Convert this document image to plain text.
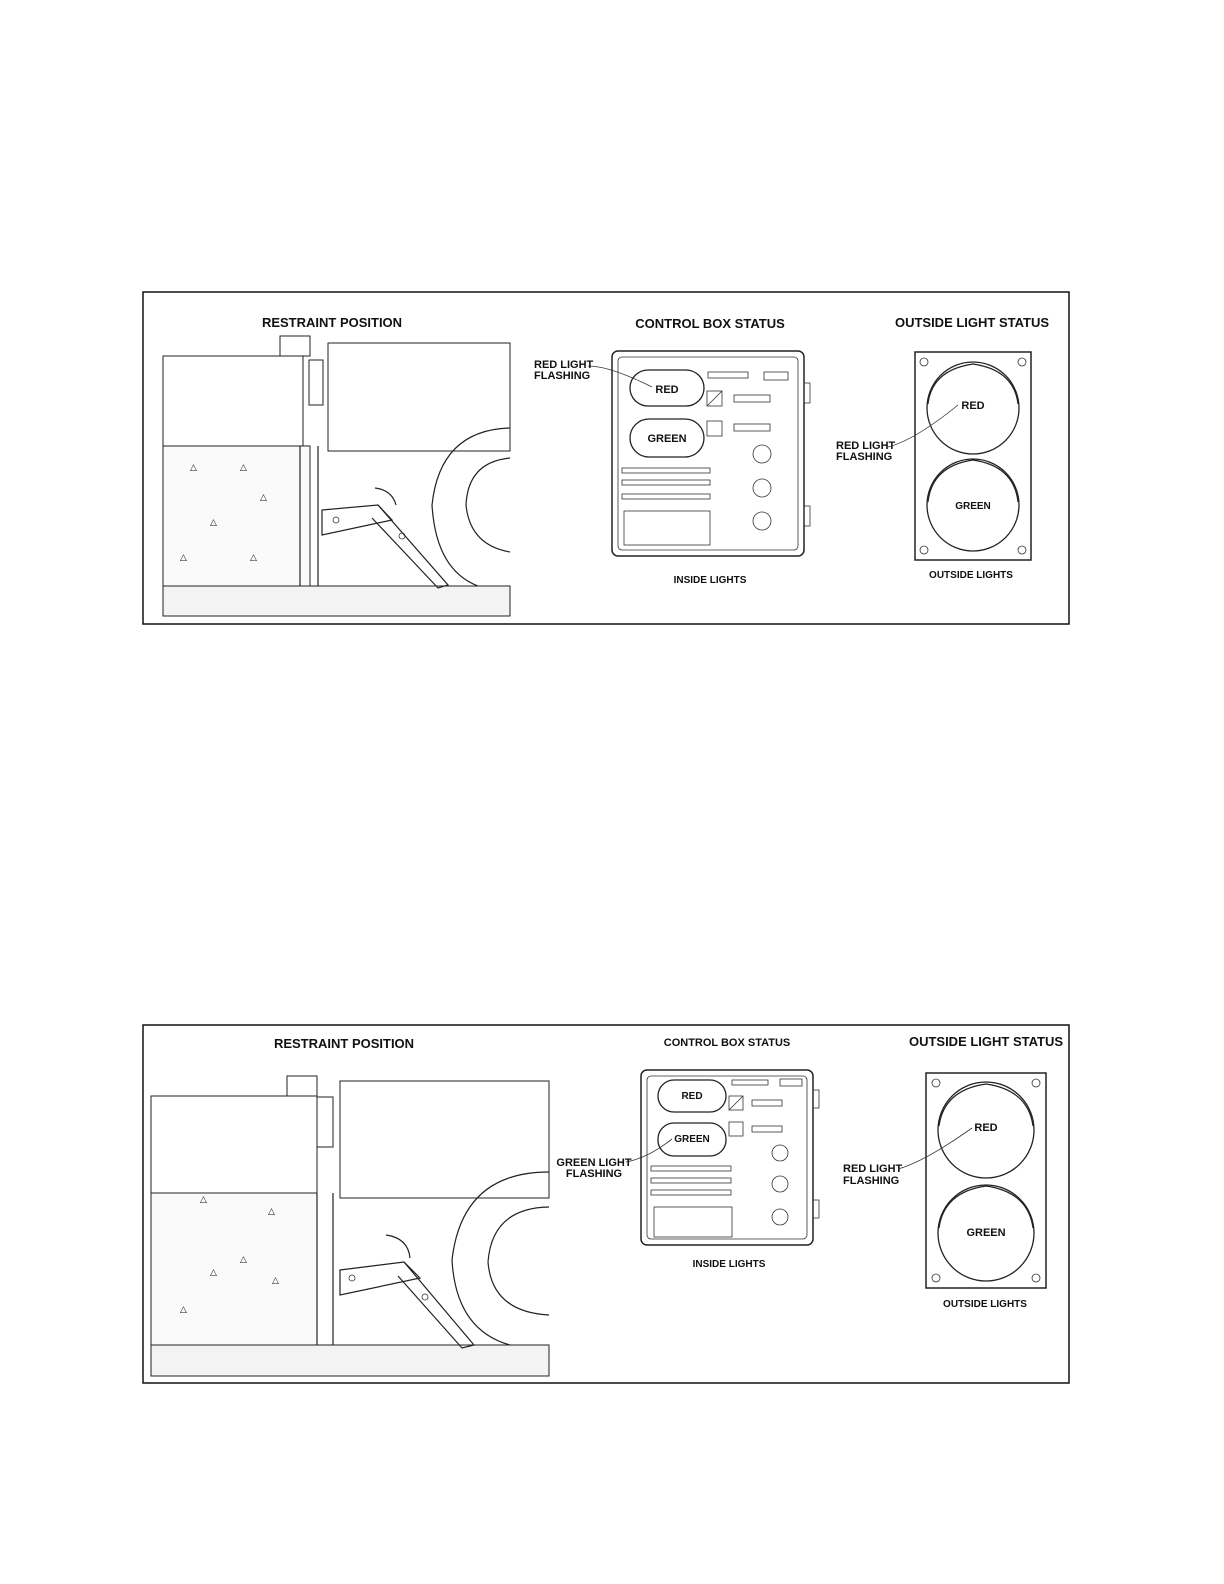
RESTRAINT POSITION	CONTROL BOX STATUS	OUTSIDE LIGHT STATUS
△	△
△
△
△	△
RED
GREEN
RED LIGHT
FLASHING
INSIDE LIGHTS
RED
GREEN
RED LIGHT
FLASHING
OUTSIDE LIGHTS
RESTRAINT POSITION	CONTROL BOX STATUS	OUTSIDE LIGHT STATUS
△
△
△
△
△
△
RED
GREEN
GREEN LIGHT
FLASHING
INSIDE LIGHTS
RED
GREEN
RED LIGHT
FLASHING
OUTSIDE LIGHTS
